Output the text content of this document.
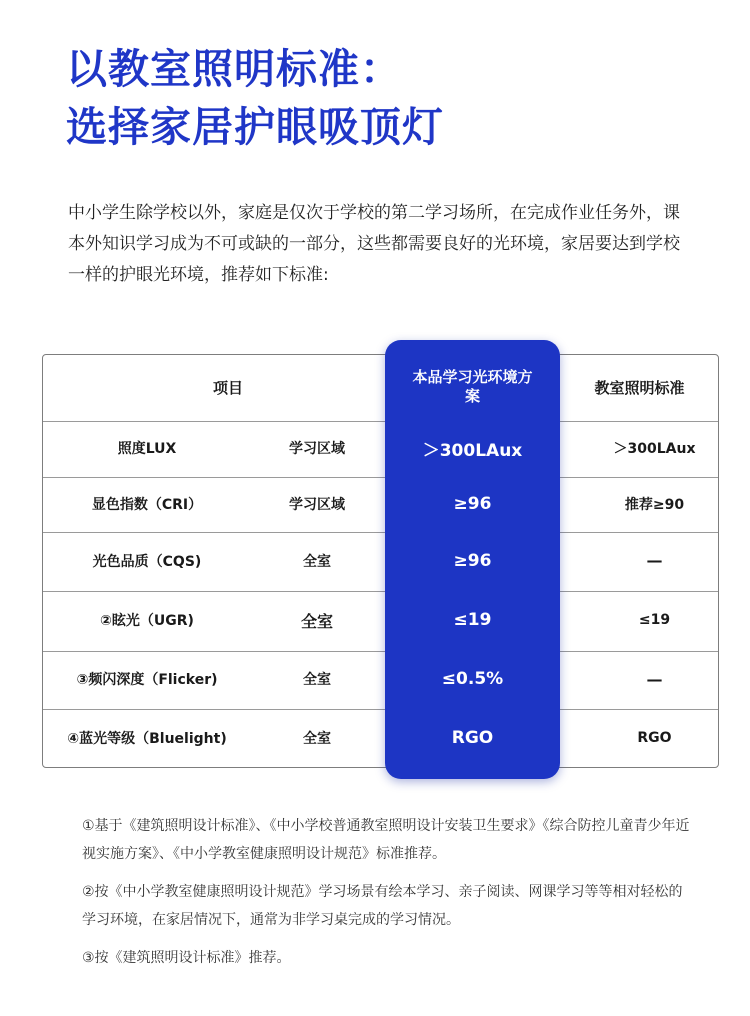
以教室照明标准：
选择家居护眼吸顶灯

中小学生除学校以外，家庭是仅次于学校的第二学习场所，在完成作业任务外，课本外知识学习成为不可或缺的一部分，这些都需要良好的光环境，家居要达到学校一样的护眼光环境，推荐如下标准:

项目
本品学习光环境方案	教室照明标准
照度LUX	学习区域	＞300LAux	＞300LAux
显色指数（CRI）	学习区域	≥96	推荐≥90
光色品质（CQS)	全室	≥96	—
②眩光（UGR)	全室	≤19	≤19
③频闪深度（Flicker)	全室	≤0.5%	—
④蓝光等级（Bluelight)	全室	RGO	RGO

①基于《建筑照明设计标准》、《中小学校普通教室照明设计安装卫生要求》《综合防控儿童青少年近视实施方案》、《中小学教室健康照明设计规范》标准推荐。

②按《中小学教室健康照明设计规范》学习场景有绘本学习、亲子阅读、网课学习等等相对轻松的学习环境，在家居情况下，通常为非学习桌完成的学习情况。

③按《建筑照明设计标准》推荐。
